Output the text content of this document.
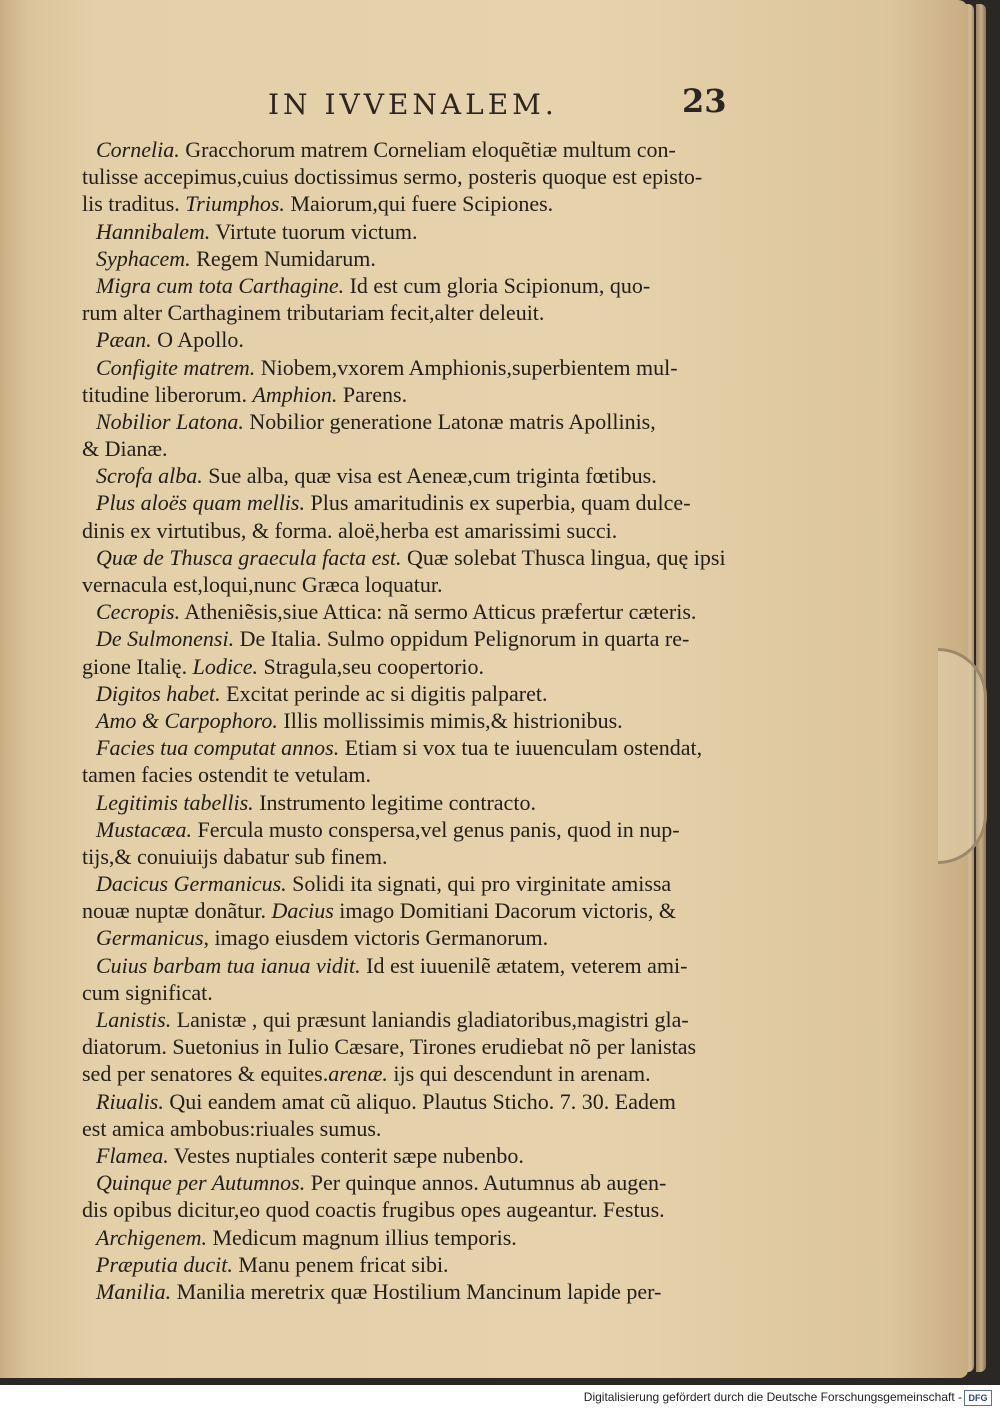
IN IVVENALEM.	23
Cornelia. Gracchorum matrem Corneliam eloquẽtiæ multum con-
tulisse accepimus,cuius doctissimus sermo, posteris quoque est episto-
lis traditus. Triumphos. Maiorum,qui fuere Scipiones.
Hannibalem. Virtute tuorum victum.
Syphacem. Regem Numidarum.
Migra cum tota Carthagine. Id est cum gloria Scipionum, quo-
rum alter Carthaginem tributariam fecit,alter deleuit.
Pæan. O Apollo.
Configite matrem. Niobem,vxorem Amphionis,superbientem mul-
titudine liberorum. Amphion. Parens.
Nobilior Latona. Nobilior generatione Latonæ matris Apollinis,
& Dianæ.
Scrofa alba. Sue alba, quæ visa est Aeneæ,cum triginta fœtibus.
Plus aloës quam mellis. Plus amaritudinis ex superbia, quam dulce-
dinis ex virtutibus, & forma. aloë,herba est amarissimi succi.
Quæ de Thusca graecula facta est. Quæ solebat Thusca lingua, quę ipsi
vernacula est,loqui,nunc Græca loquatur.
Cecropis. Atheniẽsis,siue Attica: nã sermo Atticus præfertur cæteris.
De Sulmonensi. De Italia. Sulmo oppidum Pelignorum in quarta re-
gione Italię. Lodice. Stragula,seu coopertorio.
Digitos habet. Excitat perinde ac si digitis palparet.
Amo & Carpophoro. Illis mollissimis mimis,& histrionibus.
Facies tua computat annos. Etiam si vox tua te iuuenculam ostendat,
tamen facies ostendit te vetulam.
Legitimis tabellis. Instrumento legitime contracto.
Mustacæa. Fercula musto conspersa,vel genus panis, quod in nup-
tijs,& conuiuijs dabatur sub finem.
Dacicus Germanicus. Solidi ita signati, qui pro virginitate amissa
nouæ nuptæ donãtur. Dacius imago Domitiani Dacorum victoris, &
Germanicus, imago eiusdem victoris Germanorum.
Cuius barbam tua ianua vidit. Id est iuuenilẽ ætatem, veterem ami-
cum significat.
Lanistis. Lanistæ , qui præsunt laniandis gladiatoribus,magistri gla-
diatorum. Suetonius in Iulio Cæsare, Tirones erudiebat nõ per lanistas
sed per senatores & equites.arenæ. ijs qui descendunt in arenam.
Riualis. Qui eandem amat cũ aliquo. Plautus Sticho. 7. 30. Eadem
est amica ambobus:riuales sumus.
Flamea. Vestes nuptiales conterit sæpe nubenbo.
Quinque per Autumnos. Per quinque annos. Autumnus ab augen-
dis opibus dicitur,eo quod coactis frugibus opes augeantur. Festus.
Archigenem. Medicum magnum illius temporis.
Præputia ducit. Manu penem fricat sibi.
Manilia. Manilia meretrix quæ Hostilium Mancinum lapide per-
Digitalisierung gefördert durch die Deutsche Forschungsgemeinschaft - DFG
